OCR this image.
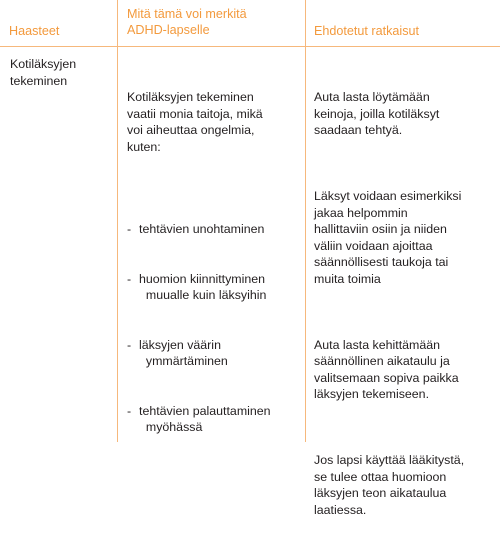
Haasteet
Kotiläksyjen
tekeminen
Mitä tämä voi merkitä
ADHD-lapselle

Kotiläksyjen tekeminen
vaatii monia taitoja, mikä
voi aiheuttaa ongelmia,
kuten:

- tehtävien unohtaminen

- huomion kiinnittyminen
muualle kuin läksyihin

- läksyjen väärin
ymmärtäminen

- tehtävien palauttaminen
myöhässä

Ehdotetut ratkaisut

Auta lasta löytämään
keinoja, joilla kotiläksyt
saadaan tehtyä.

Läksyt voidaan esimerkiksi
jakaa helpommin
hallittaviin osiin ja niiden
väliin voidaan ajoittaa
säännöllisesti taukoja tai
muita toimia

Auta lasta kehittämään
säännöllinen aikataulu ja
valitsemaan sopiva paikka
läksyjen tekemiseen.

Jos lapsi käyttää lääkitystä,
se tulee ottaa huomioon
läksyjen teon aikataulua
laatiessa.
